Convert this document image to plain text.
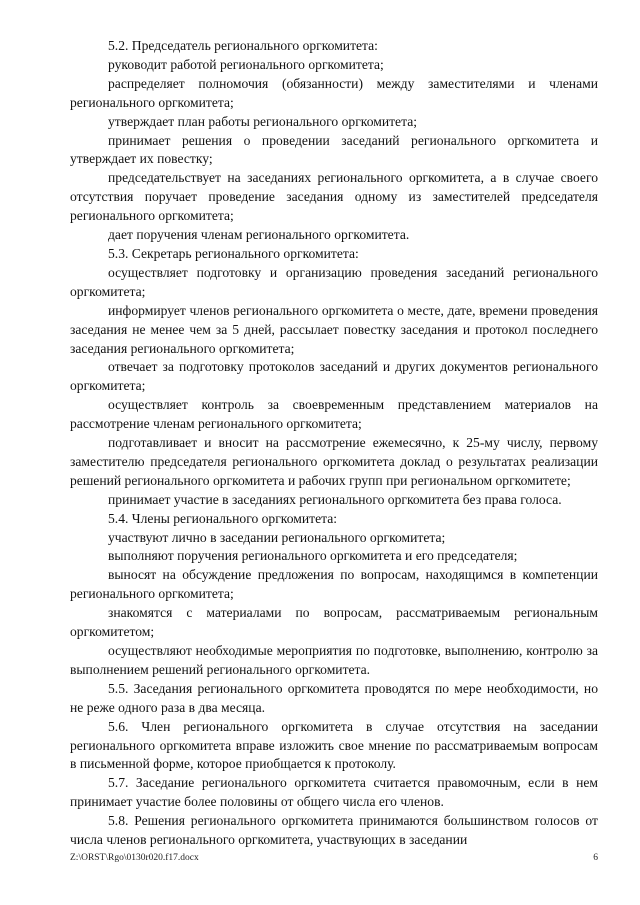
5.2. Председатель регионального оргкомитета:

руководит работой регионального оргкомитета;

распределяет полномочия (обязанности) между заместителями и членами регионального оргкомитета;

утверждает план работы регионального оргкомитета;

принимает решения о проведении заседаний регионального оргкомитета и утверждает их повестку;

председательствует на заседаниях регионального оргкомитета, а в случае своего отсутствия поручает проведение заседания одному из заместителей председателя регионального оргкомитета;

дает поручения членам регионального оргкомитета.

5.3. Секретарь регионального оргкомитета:

осуществляет подготовку и организацию проведения заседаний регионального оргкомитета;

информирует членов регионального оргкомитета о месте, дате, времени проведения заседания не менее чем за 5 дней, рассылает повестку заседания и протокол последнего заседания регионального оргкомитета;

отвечает за подготовку протоколов заседаний и других документов регионального оргкомитета;

осуществляет контроль за своевременным представлением материалов на рассмотрение членам регионального оргкомитета;

подготавливает и вносит на рассмотрение ежемесячно, к 25-му числу, первому заместителю председателя регионального оргкомитета доклад о результатах реализации решений регионального оргкомитета и рабочих групп при региональном оргкомитете;

принимает участие в заседаниях регионального оргкомитета без права голоса.

5.4. Члены регионального оргкомитета:

участвуют лично в заседании регионального оргкомитета;

выполняют поручения регионального оргкомитета и его председателя;

выносят на обсуждение предложения по вопросам, находящимся в компетенции регионального оргкомитета;

знакомятся с материалами по вопросам, рассматриваемым региональным оргкомитетом;

осуществляют необходимые мероприятия по подготовке, выполнению, контролю за выполнением решений регионального оргкомитета.

5.5. Заседания регионального оргкомитета проводятся по мере необходимости, но не реже одного раза в два месяца.

5.6. Член регионального оргкомитета в случае отсутствия на заседании регионального оргкомитета вправе изложить свое мнение по рассматриваемым вопросам в письменной форме, которое приобщается к протоколу.

5.7. Заседание регионального оргкомитета считается правомочным, если в нем принимает участие более половины от общего числа его членов.

5.8. Решения регионального оргкомитета принимаются большинством голосов от числа членов регионального оргкомитета, участвующих в заседании

Z:\ORST\Rgo\0130r020.f17.docx	6
